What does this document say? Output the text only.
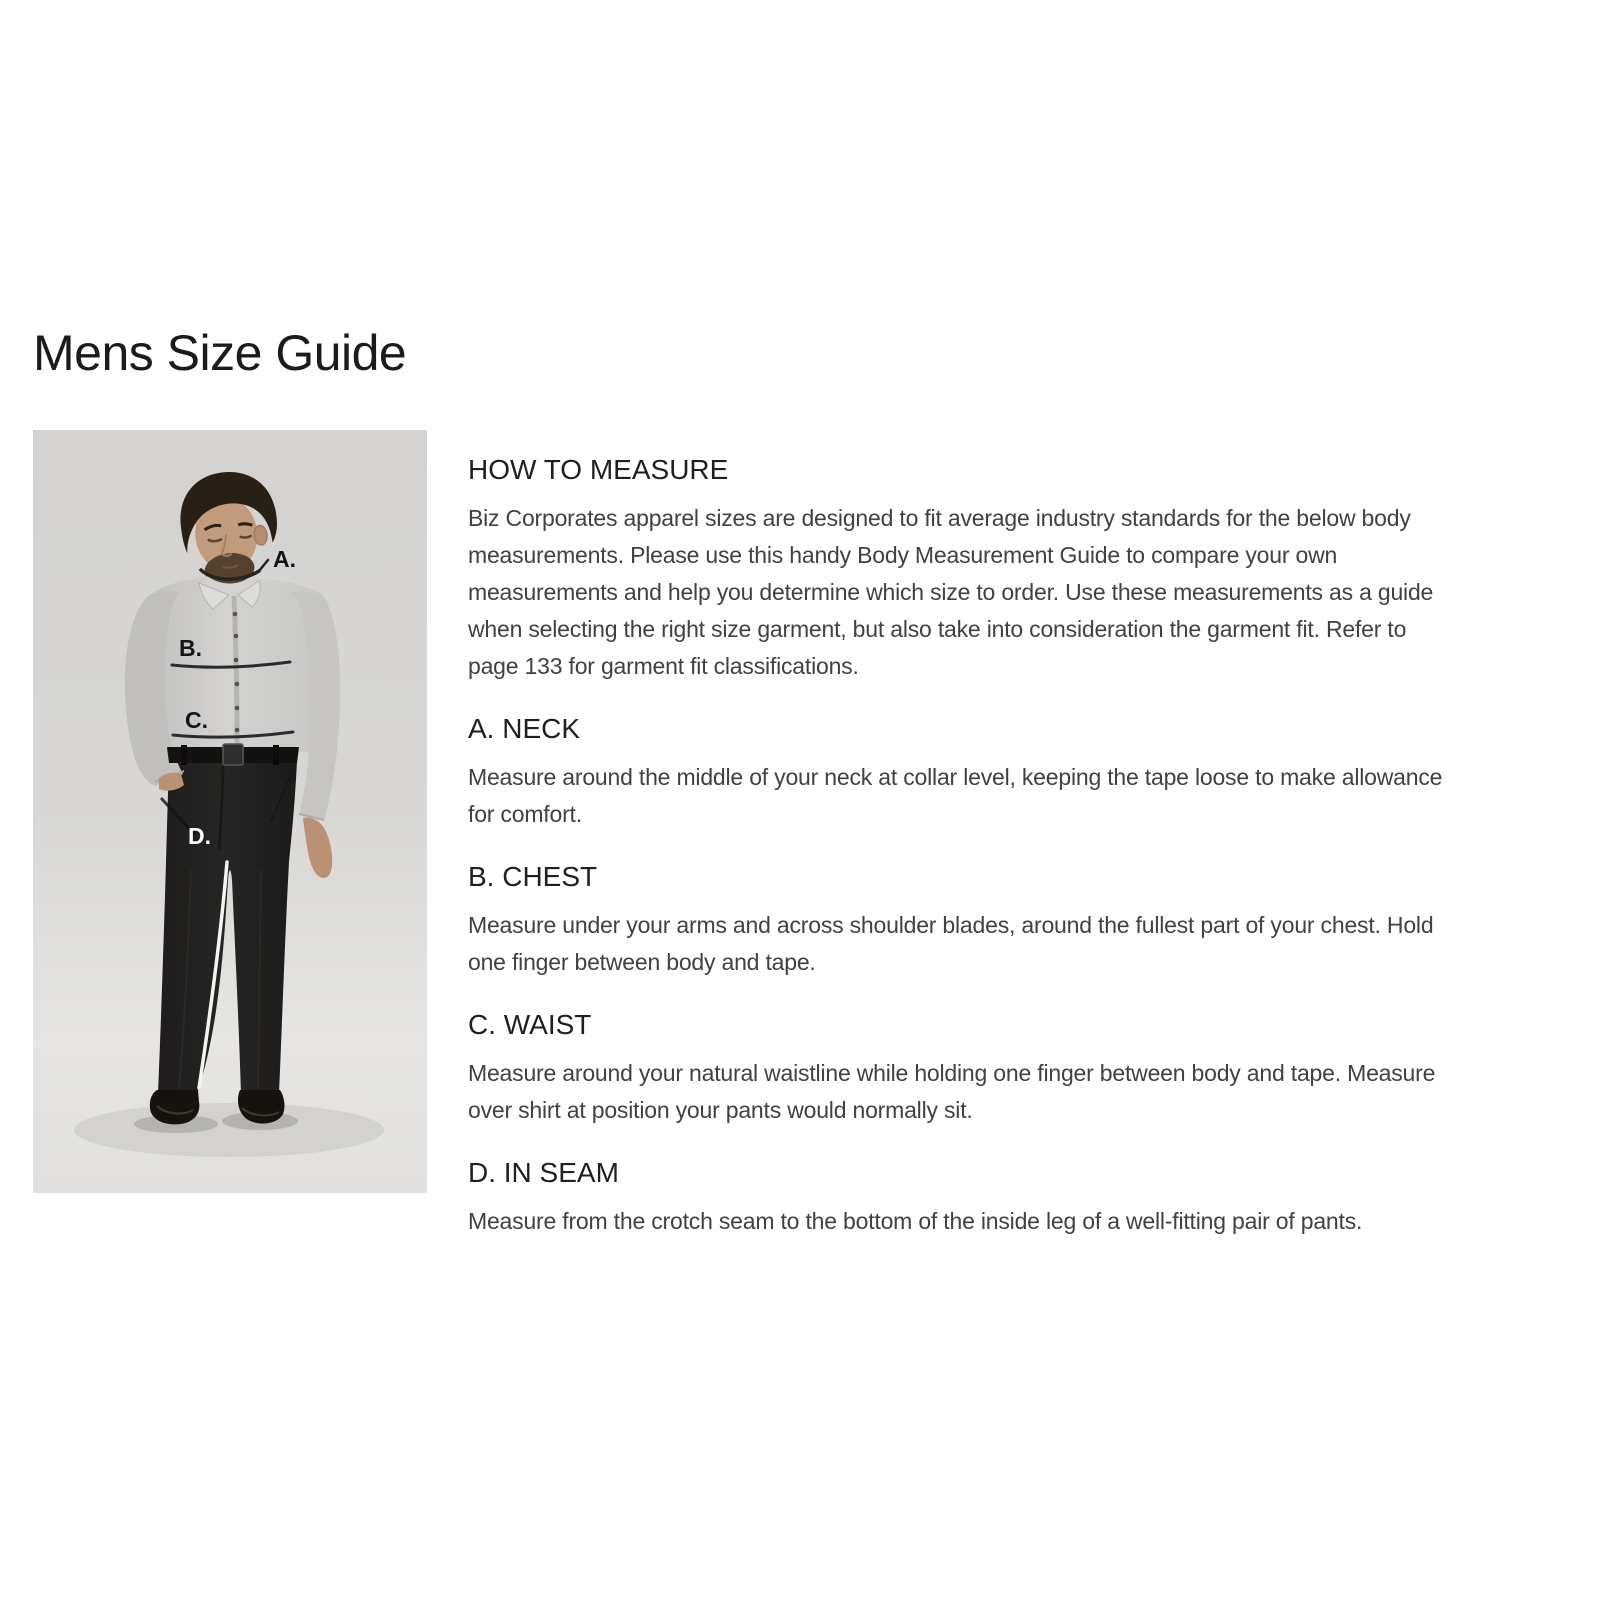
Mens Size Guide
A.
B.
C.
D.
HOW TO MEASURE

Biz Corporates apparel sizes are designed to fit average industry standards for the below body measurements. Please use this handy Body Measurement Guide to compare your own measurements and help you determine which size to order. Use these measurements as a guide when selecting the right size garment, but also take into consideration the garment fit. Refer to page 133 for garment fit classifications.

A. NECK

Measure around the middle of your neck at collar level, keeping the tape loose to make allowance for comfort.

B. CHEST

Measure under your arms and across shoulder blades, around the fullest part of your chest. Hold one finger between body and tape.

C. WAIST

Measure around your natural waistline while holding one finger between body and tape. Measure over shirt at position your pants would normally sit.

D. IN SEAM

Measure from the crotch seam to the bottom of the inside leg of a well-fitting pair of pants.
